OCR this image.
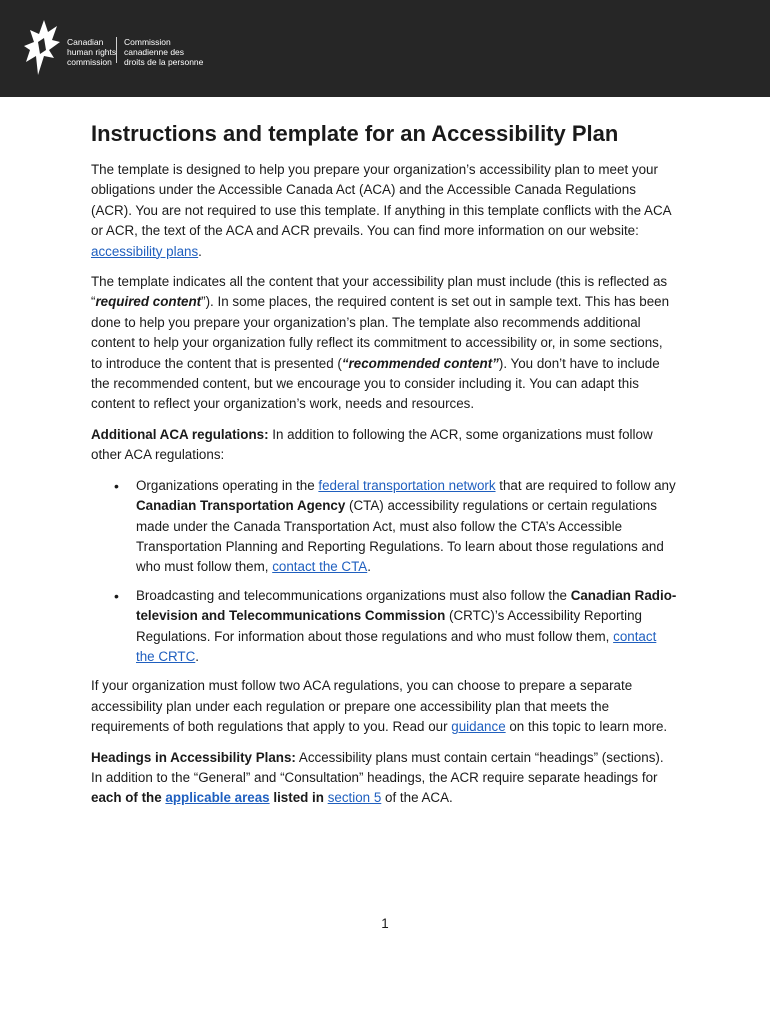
Canadian
human rights
commission
Commission
canadienne des
droits de la personne
Instructions and template for an Accessibility Plan

The template is designed to help you prepare your organization’s accessibility plan to meet your obligations under the Accessible Canada Act (ACA) and the Accessible Canada Regulations (ACR). You are not required to use this template. If anything in this template conflicts with the ACA or ACR, the text of the ACA and ACR prevails. You can find more information on our website: accessibility plans.

The template indicates all the content that your accessibility plan must include (this is reflected as “required content”). In some places, the required content is set out in sample text. This has been done to help you prepare your organization’s plan. The template also recommends additional content to help your organization fully reflect its commitment to accessibility or, in some sections, to introduce the content that is presented (“recommended content”). You don’t have to include the recommended content, but we encourage you to consider including it. You can adapt this content to reflect your organization’s work, needs and resources.

Additional ACA regulations: In addition to following the ACR, some organizations must follow other ACA regulations:

• Organizations operating in the federal transportation network that are required to follow any Canadian Transportation Agency (CTA) accessibility regulations or certain regulations made under the Canada Transportation Act, must also follow the CTA’s Accessible Transportation Planning and Reporting Regulations. To learn about those regulations and who must follow them, contact the CTA.
• Broadcasting and telecommunications organizations must also follow the Canadian Radio-television and Telecommunications Commission (CRTC)’s Accessibility Reporting Regulations. For information about those regulations and who must follow them, contact the CRTC.

If your organization must follow two ACA regulations, you can choose to prepare a separate accessibility plan under each regulation or prepare one accessibility plan that meets the requirements of both regulations that apply to you. Read our guidance on this topic to learn more.

Headings in Accessibility Plans: Accessibility plans must contain certain “headings” (sections). In addition to the “General” and “Consultation” headings, the ACR require separate headings for each of the applicable areas listed in section 5 of the ACA.

1
